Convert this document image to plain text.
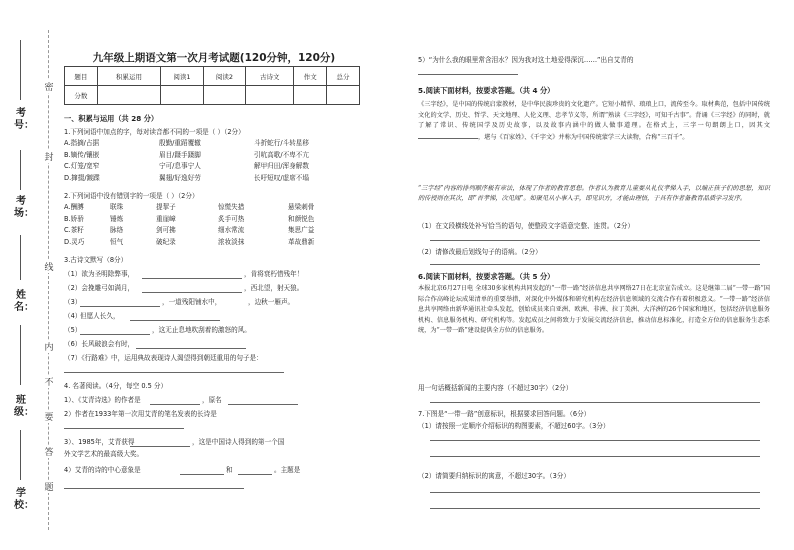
密
封
线
内
不
要
答
题
考号：
考场：
姓名：
班级：
学校：
九年级上期语文第一次月考试题(120分钟，120分)
题目	积累运用	阅读1	阅读2	古诗文	作文	总分
分数						
一、积累与运用（共 28 分）
1.下列词语中加点的字，每对读音都不同的一项是（ ）（2分）
A.指摘/占据	殷勤/重蹈覆辙	斗折蛇行/斗转星移
B.嫡传/镶嵌	眉目/蹑手蹑脚	引吭高歌/不卑不亢
C.灯笼/宽窄	宁可/息事宁人	解甲归田/浑身解数
D.撺掇/踱蹀	翼翅/好逸好劳	长吁短叹/虚席不塌
2.下列词语中没有错别字的一项是（ ）（2分）
A.酬膊	联珠	提挈子	惊慌失措	悬梁刺骨
B.娇骄	锤炼	重崖嶂	炙手可热	和颜悦色
C.茶籽	脉络	剑可拂	细水常流	集思广益
D.灵巧	恒气	破纪录	浓妆淡抹	革故鼎新
3.古诗文默写（8分）
（1）欲为圣明除弊事，	，肯将衰朽惜残年！
（2）会挽雕弓如满月，	，西北望，射天狼。
（3）	，一道残阳铺水中，	，边秋一雁声。
（4）
但愿人长久，
（5）	，这无止息地吹刮着的激怒的风。
（6）长风破浪会有时，
（7）《行路难》中，运用典故表现诗人渴望得到朝廷重用的句子是：
4. 名著阅读。（4分，每空 0.5 分）
1）、《艾青诗选》的作者是	，原名
2）作者在1933年第一次用艾青的笔名发表的长诗是
3）、1985年，艾青获得	，这是中国诗人得到的第一个国
外文学艺术的最高级大奖。
4）艾青的诗的中心意象是	和	。主题是
5）“为什么我的眼里常含泪水？因为我对这土地爱得深沉……”出自艾青的
5.阅读下面材料，按要求答题。（共 4 分）
《三字经》，是中国的传统启蒙教材，是中华民族珍贵的文化遗产。它短小精悍、琅琅上口，流传至今。取材典范，包括中国传统文化的文学、历史、哲学、天文地理、人伦义理、忠孝节义等，所谓“熟读《三字经》，可知千古事”。背诵《三字经》的同时，就了解了常识、传统国学及历史故事，以及故事内涵中的做人做事道理。在格式上，三字一句朗朗上口，因其文，堪与《百家姓》、《千字文》并称为中国传统蒙学三大读物，合称“三百千”。
“三字经”内容的排列顺序极有章法，体现了作者的教育思想。作者认为教育儿童要从礼仪孝悌入手，以端正孩子们的思想，知识的传授则在其次，即“首孝悌，次见闻”。如聚见从小事入手，即见识方，才能由理悟，于具有作者备教育品质学习发序。
（1）在文段横线处补写恰当的语句，使整段文字语意完整、连贯。（2分）
（2）请修改最后划线句子的语病。（2分）
6.阅读下面材料，按要求答题。（共 5 分）
本报北京6月27日电 全球30多家机构共同发起的“一带一路”经济信息共享网络27日在北京宣告成立。这是继第二届“一带一路”国际合作高峰论坛成果清单的重要举措，对深化中外媒体和研究机构在经济信息领域的交流合作有着积极意义。“一带一路”经济信息共享网络由新华通讯社牵头发起，创始成员来自亚洲、欧洲、非洲、拉丁美洲、大洋洲的26个国家和地区，包括经济信息服务机构、信息服务机构、研究机构等。发起成员之间将致力于发展交流经济信息，推动信息标准化，打造全方位的信息服务生态系统，为“一带一路”建设提供全方位的信息服务。
用一句话概括新闻的主要内容（不超过30字）（2分）
7.下图是“一带一路”创意标识，根据要求回答问题。（6分）
（1）请按照一定顺序介绍标识的构图要素，不超过60字。（3分）
（2）请简要归纳标识的寓意，不超过30字。（3分）
